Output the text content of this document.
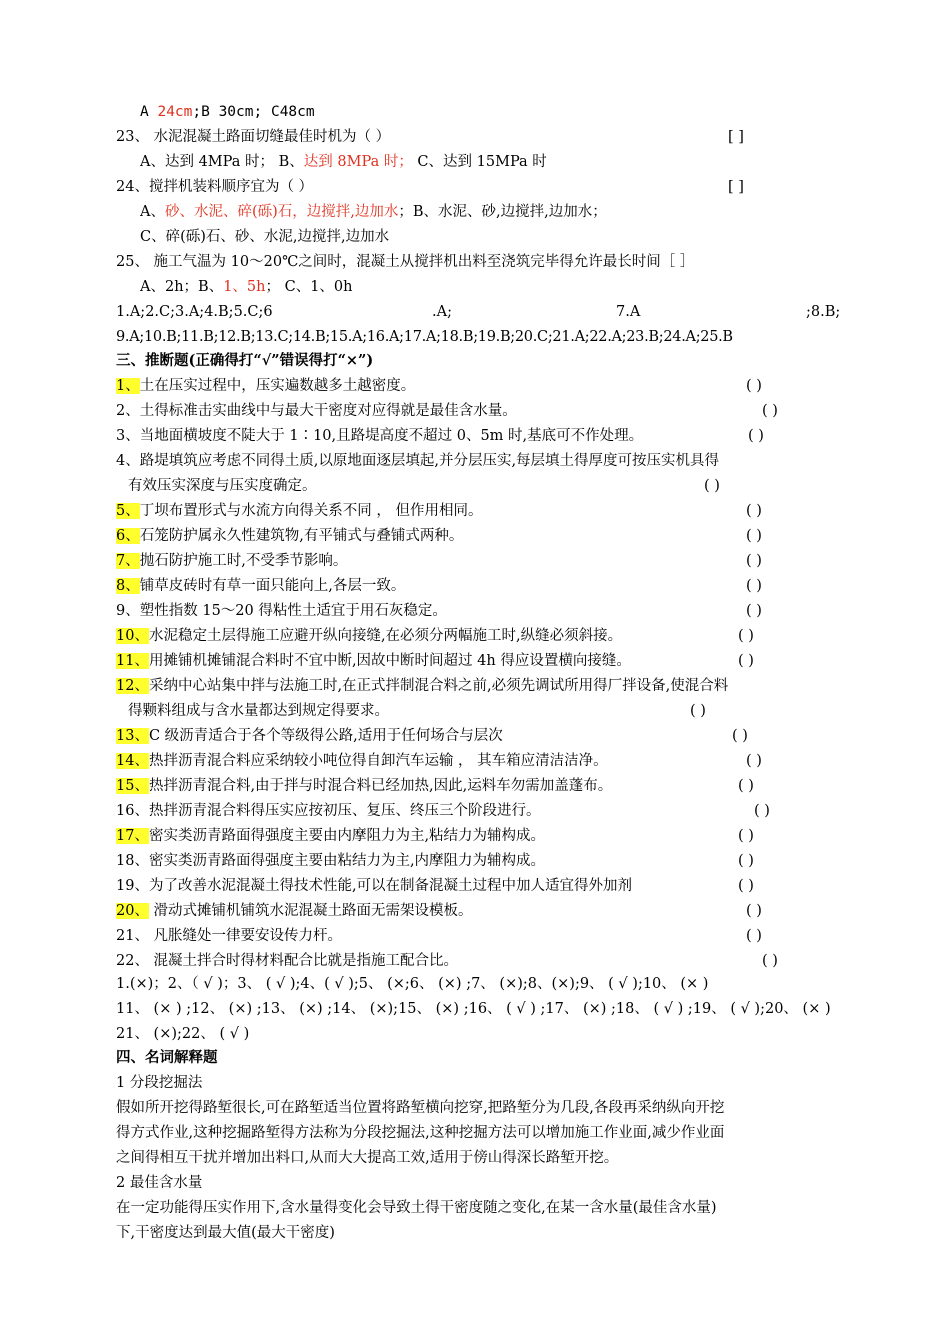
A 24cm;B 30cm; C48cm
23、 水泥混凝土路面切缝最佳时机为（ ）	[ ]
A、达到 4MPa 时； B、达到 8MPa 时； C、达到 15MPa 时
24、搅拌机装料顺序宜为（ ）	[ ]
A、砂、水泥、碎(砾)石，边搅拌,边加水；B、水泥、砂,边搅拌,边加水；
C、碎(砾)石、砂、水泥,边搅拌,边加水
25、 施工气温为 10～20℃之间时，混凝土从搅拌机出料至浇筑完毕得允许最长时间［ ］
A、2h；B、1、5h； C、1、0h
1.A;2.C;3.A;4.B;5.C;6	.A;	7.A	;8.B;
9.A;10.B;11.B;12.B;13.C;14.B;15.A;16.A;17.A;18.B;19.B;20.C;21.A;22.A;23.B;24.A;25.B
三、推断题(正确得打“√”错误得打“×”)
1、土在压实过程中，压实遍数越多土越密度。	( )
2、土得标准击实曲线中与最大干密度对应得就是最佳含水量。	( )
3、当地面横坡度不陡大于 1∶10,且路堤高度不超过 0、5m 时,基底可不作处理。	( )
4、路堤填筑应考虑不同得土质,以原地面逐层填起,并分层压实,每层填土得厚度可按压实机具得
有效压实深度与压实度确定。	( )
5、丁坝布置形式与水流方向得关系不同 ， 但作用相同。	( )
6、石笼防护属永久性建筑物,有平铺式与叠铺式两种。	( )
7、抛石防护施工时,不受季节影响。	( )
8、铺草皮砖时有草一面只能向上,各层一致。	( )
9、塑性指数 15～20 得粘性土适宜于用石灰稳定。	( )
10、水泥稳定土层得施工应避开纵向接缝,在必须分两幅施工时,纵缝必须斜接。	( )
11、用摊铺机摊铺混合料时不宜中断,因故中断时间超过 4h 得应设置横向接缝。	( )
12、采纳中心站集中拌与法施工时,在正式拌制混合料之前,必须先调试所用得厂拌设备,使混合料
得颗料组成与含水量都达到规定得要求。	( )
13、C 级沥青适合于各个等级得公路,适用于任何场合与层次	( )
14、热拌沥青混合料应采纳较小吨位得自卸汽车运输 ， 其车箱应清洁洁净。	( )
15、热拌沥青混合料,由于拌与时混合料已经加热,因此,运料车勿需加盖蓬布。	( )
16、热拌沥青混合料得压实应按初压、复压、终压三个阶段进行。	( )
17、密实类沥青路面得强度主要由内摩阻力为主,粘结力为辅构成。	( )
18、密实类沥青路面得强度主要由粘结力为主,内摩阻力为辅构成。	( )
19、为了改善水泥混凝土得技术性能,可以在制备混凝土过程中加人适宜得外加剂	( )
20、 滑动式摊铺机铺筑水泥混凝土路面无需架设模板。	( )
21、 凡胀缝处一律要安设传力杆。	( )
22、 混凝土拌合时得材料配合比就是指施工配合比。	( )
1.(×)；2、（ √ )；3、 ( √ );4、( √ );5、 (×;6、 (×) ;7、 (×);8、(×);9、 ( √ );10、 (× )
11、 (× ) ;12、 (×) ;13、 (×) ;14、 (×);15、 (×) ;16、 ( √ ) ;17、 (×) ;18、 ( √ ) ;19、 ( √ );20、 (× )
21、 (×);22、 ( √ )
四、名词解释题
1 分段挖掘法
假如所开挖得路堑很长,可在路堑适当位置将路堑横向挖穿,把路堑分为几段,各段再采纳纵向开挖
得方式作业,这种挖掘路堑得方法称为分段挖掘法,这种挖掘方法可以增加施工作业面,减少作业面
之间得相互干扰并增加出料口,从而大大提高工效,适用于傍山得深长路堑开挖。
2 最佳含水量
在一定功能得压实作用下,含水量得变化会导致土得干密度随之变化,在某一含水量(最佳含水量)
下,干密度达到最大值(最大干密度)
